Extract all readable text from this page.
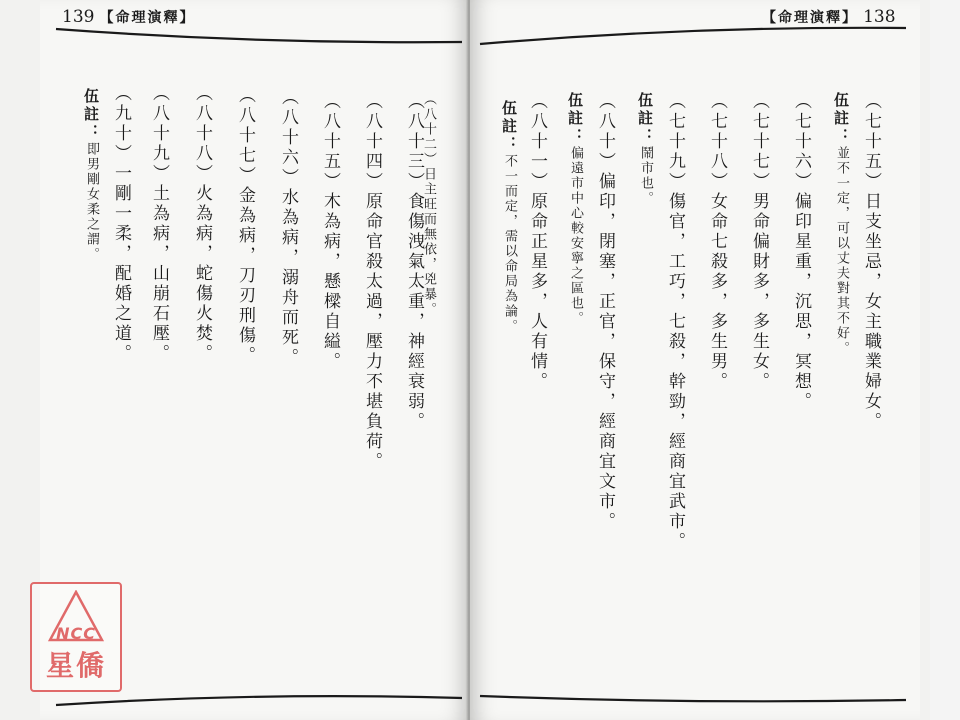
139 【命理演釋】
（八十二）日主旺而無依，兇暴。
（八十三）食傷洩氣太重，神經衰弱。
（八十四）原命官殺太過，壓力不堪負荷。
（八十五）木為病，懸樑自縊。
（八十六）水為病，溺舟而死。
（八十七）金為病，刀刃刑傷。
（八十八）火為病，蛇傷火焚。
（八十九）土為病，山崩石壓。
（九十）一剛一柔，配婚之道。
伍註：即男剛女柔之謂。
【命理演釋】 138
（七十五）日支坐忌，女主職業婦女。
伍註：並不一定，可以丈夫對其不好。
（七十六）偏印星重，沉思，冥想。
（七十七）男命偏財多，多生女。
（七十八）女命七殺多，多生男。
（七十九）傷官，工巧，七殺，幹勁，經商宜武市。
伍註：鬧市也。
（八十）偏印，閉塞，正官，保守，經商宜文市。
伍註：偏遠市中心較安寧之區也。
（八十一）原命正星多，人有情。
伍註：不一而定，需以命局為論。
NCC
星僑
